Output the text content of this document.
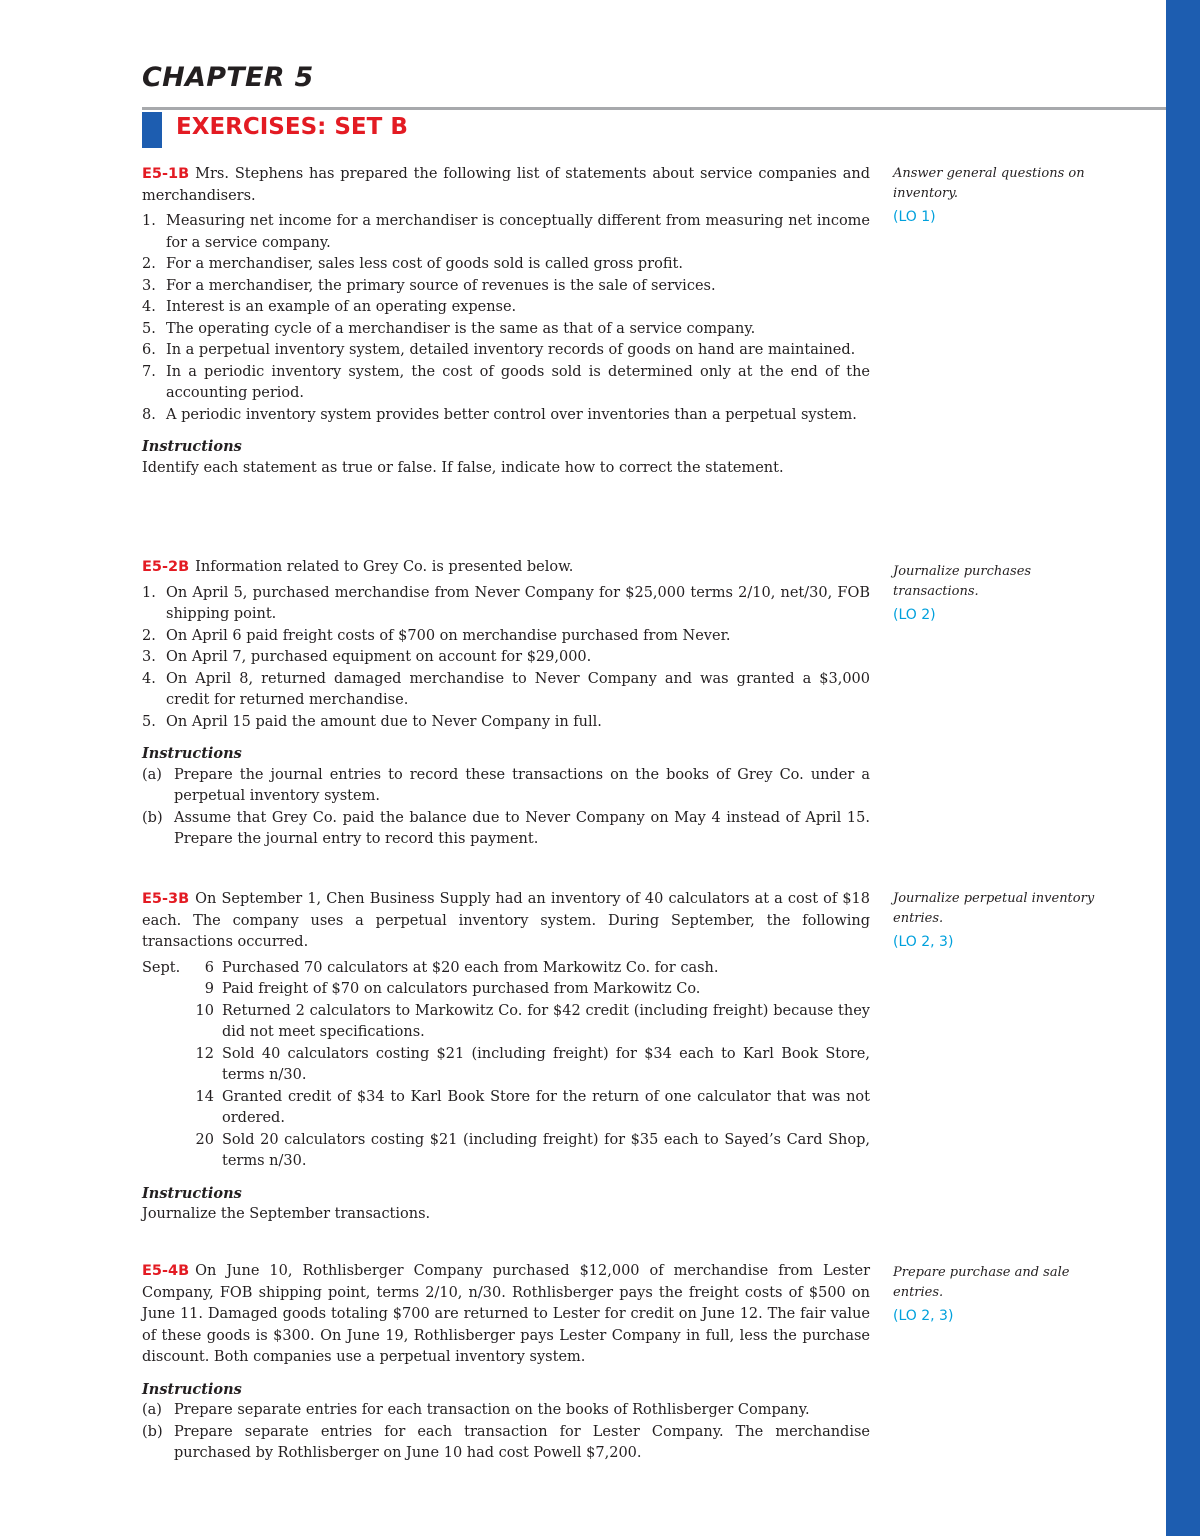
CHAPTER 5
EXERCISES: SET B

E5-1B Mrs. Stephens has prepared the following list of statements about service companies and merchandisers.

1. Measuring net income for a merchandiser is conceptually different from measuring net income for a service company.
2. For a merchandiser, sales less cost of goods sold is called gross profit.
3. For a merchandiser, the primary source of revenues is the sale of services.
4. Interest is an example of an operating expense.
5. The operating cycle of a merchandiser is the same as that of a service company.
6. In a perpetual inventory system, detailed inventory records of goods on hand are maintained.
7. In a periodic inventory system, the cost of goods sold is determined only at the end of the accounting period.
8. A periodic inventory system provides better control over inventories than a perpetual system.

Instructions

Identify each statement as true or false. If false, indicate how to correct the statement.

Answer general questions on inventory.

(LO 1)

E5-2B Information related to Grey Co. is presented below.

1. On April 5, purchased merchandise from Never Company for $25,000 terms 2/10, net/30, FOB shipping point.
2. On April 6 paid freight costs of $700 on merchandise purchased from Never.
3. On April 7, purchased equipment on account for $29,000.
4. On April 8, returned damaged merchandise to Never Company and was granted a $3,000 credit for returned merchandise.
5. On April 15 paid the amount due to Never Company in full.

Instructions

(a) Prepare the journal entries to record these transactions on the books of Grey Co. under a perpetual inventory system.
(b) Assume that Grey Co. paid the balance due to Never Company on May 4 instead of April 15. Prepare the journal entry to record this payment.

Journalize purchases transactions.

(LO 2)

E5-3B On September 1, Chen Business Supply had an inventory of 40 calculators at a cost of $18 each. The company uses a perpetual inventory system. During September, the following transactions occurred.

Sept.	6 Purchased 70 calculators at $20 each from Markowitz Co. for cash.
9 Paid freight of $70 on calculators purchased from Markowitz Co.
10 Returned 2 calculators to Markowitz Co. for $42 credit (including freight) because they did not meet specifications.
12 Sold 40 calculators costing $21 (including freight) for $34 each to Karl Book Store, terms n/30.
14 Granted credit of $34 to Karl Book Store for the return of one calculator that was not ordered.
20 Sold 20 calculators costing $21 (including freight) for $35 each to Sayed’s Card Shop, terms n/30.

Instructions

Journalize the September transactions.

Journalize perpetual inventory entries.

(LO 2, 3)

E5-4B On June 10, Rothlisberger Company purchased $12,000 of merchandise from Lester Company, FOB shipping point, terms 2/10, n/30. Rothlisberger pays the freight costs of $500 on June 11. Damaged goods totaling $700 are returned to Lester for credit on June 12. The fair value of these goods is $300. On June 19, Rothlisberger pays Lester Company in full, less the purchase discount. Both companies use a perpetual inventory system.

Instructions

(a) Prepare separate entries for each transaction on the books of Rothlisberger Company.
(b) Prepare separate entries for each transaction for Lester Company. The merchandise purchased by Rothlisberger on June 10 had cost Powell $7,200.

Prepare purchase and sale entries.

(LO 2, 3)
